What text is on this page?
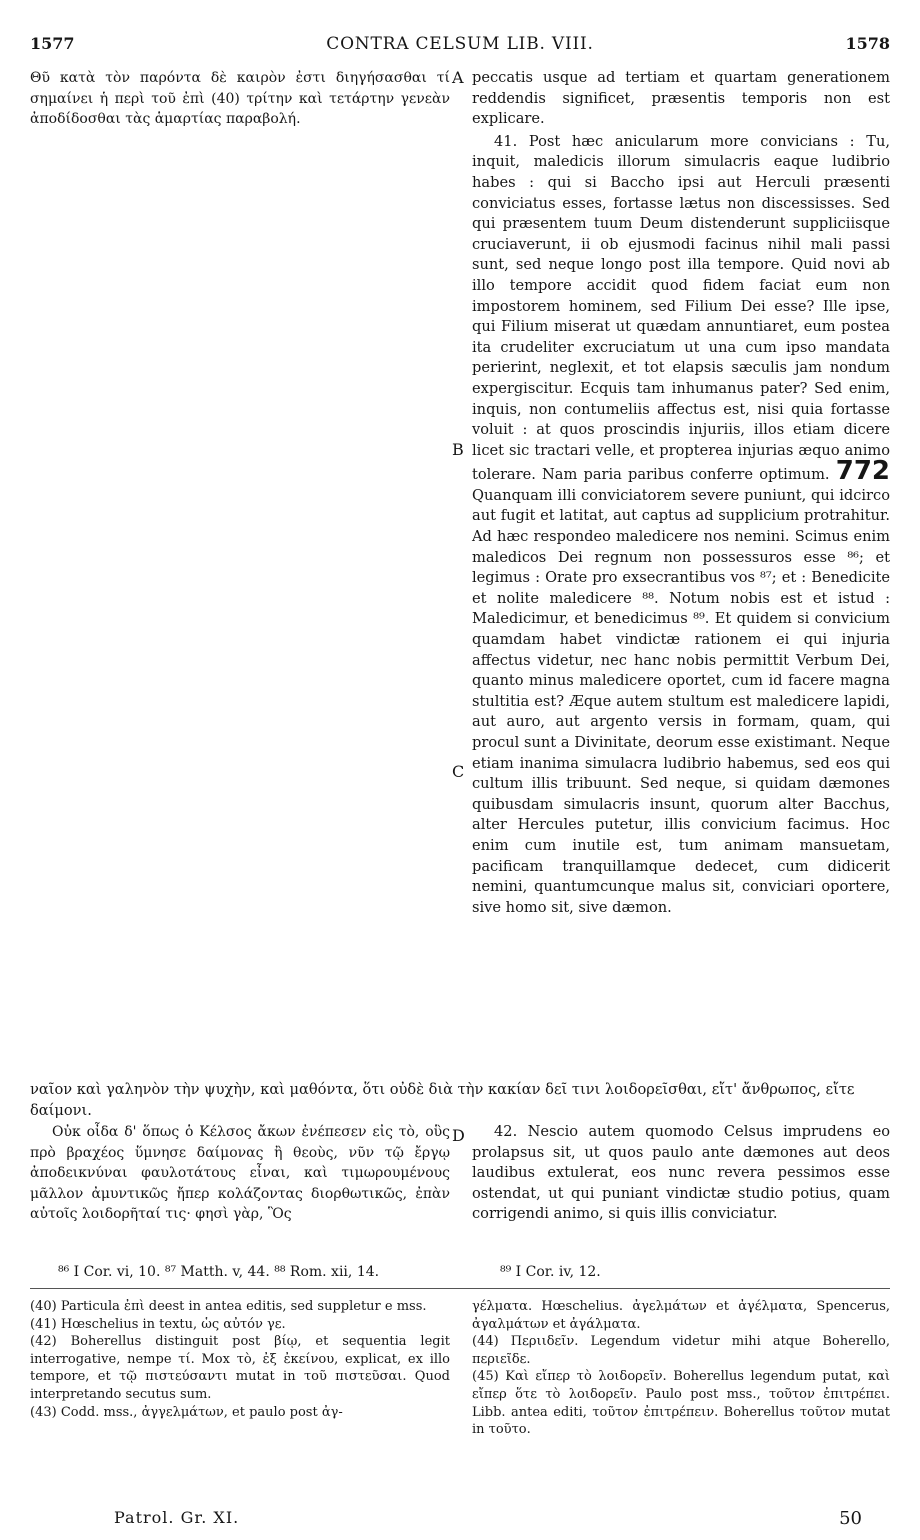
1577	CONTRA CELSUM LIB. VIII.	1578
A
B
C
D

Θῦ κατὰ τὸν παρόντα δὲ καιρὸν ἐστι διηγήσασθαι τί σημαίνει ἡ περὶ τοῦ ἐπὶ (40) τρίτην καὶ τετάρτην γενεὰν ἀποδίδοσθαι τὰς ἁμαρτίας παραβολή.

peccatis usque ad tertiam et quartam generationem reddendis significet, præsentis temporis non est explicare.

41. Post hæc anicularum more convicians : Tu, inquit, maledicis illorum simulacris eaque ludibrio habes : qui si Baccho ipsi aut Herculi præsenti conviciatus esses, fortasse lætus non discessisses. Sed qui præsentem tuum Deum distenderunt suppliciisque cruciaverunt, ii ob ejusmodi facinus nihil mali passi sunt, sed neque longo post illa tempore. Quid novi ab illo tempore accidit quod fidem faciat eum non impostorem hominem, sed Filium Dei esse? Ille ipse, qui Filium miserat ut quædam annuntiaret, eum postea ita crudeliter excruciatum ut una cum ipso mandata perierint, neglexit, et tot elapsis sæculis jam nondum expergiscitur. Ecquis tam inhumanus pater? Sed enim, inquis, non contumeliis affectus est, nisi quia fortasse voluit : at quos proscindis injuriis, illos etiam dicere licet sic tractari velle, et propterea injurias æquo animo tolerare. Nam paria paribus conferre optimum. 772 Quanquam illi conviciatorem severe puniunt, qui idcirco aut fugit et latitat, aut captus ad supplicium protrahitur. Ad hæc respondeo maledicere nos nemini. Scimus enim maledicos Dei regnum non possessuros esse ⁸⁶; et legimus : Orate pro exsecrantibus vos ⁸⁷; et : Benedicite et nolite maledicere ⁸⁸. Notum nobis est et istud : Maledicimur, et benedicimus ⁸⁹. Et quidem si convicium quamdam habet vindictæ rationem ei qui injuria affectus videtur, nec hanc nobis permittit Verbum Dei, quanto minus maledicere oportet, cum id facere magna stultitia est? Æque autem stultum est maledicere lapidi, aut auro, aut argento versis in formam, quam, qui procul sunt a Divinitate, deorum esse existimant. Neque etiam inanima simulacra ludibrio habemus, sed eos qui cultum illis tribuunt. Sed neque, si quidam dæmones quibusdam simulacris insunt, quorum alter Bacchus, alter Hercules putetur, illis convicium facimus. Hoc enim cum inutile est, tum animam mansuetam, pacificam tranquillamque dedecet, cum didicerit nemini, quantumcunque malus sit, conviciari oportere, sive homo sit, sive dæmon.

ναῖον καὶ γαληνὸν τὴν ψυχὴν, καὶ μαθόντα, ὅτι οὐδὲ διὰ τὴν κακίαν δεῖ τινι λοιδορεῖσθαι, εἴτ' ἄνθρωπος, εἴτε δαίμονι.
Οὐκ οἶδα δ' ὅπως ὁ Κέλσος ἄκων ἐνέπεσεν εἰς τὸ, οὓς πρὸ βραχέος ὕμνησε δαίμονας ἢ θεοὺς, νῦν τῷ ἔργῳ ἀποδεικνύναι φαυλοτάτους εἶναι, καὶ τιμωρουμένους μᾶλλον ἀμυντικῶς ἤπερ κολάζοντας διορθωτικῶς, ἐπὰν αὐτοῖς λοιδορῆταί τις· φησὶ γὰρ, Ὃς
42. Nescio autem quomodo Celsus imprudens eo prolapsus sit, ut quos paulo ante dæmones aut deos laudibus extulerat, eos nunc revera pessimos esse ostendat, ut qui puniant vindictæ studio potius, quam corrigendi animo, si quis illis conviciatur.
⁸⁶ I Cor. vi, 10. ⁸⁷ Matth. v, 44. ⁸⁸ Rom. xii, 14.	⁸⁹ I Cor. iv, 12.

(40) Particula ἐπὶ deest in antea editis, sed suppletur e mss.

(41) Hœschelius in textu, ὡς αὐτόν γε.

(42) Boherellus distinguit post βίῳ, et sequentia legit interrogative, nempe τί. Mox τὸ, ἐξ ἐκείνου, explicat, ex illo tempore, et τῷ πιστεύσαντι mutat in τοῦ πιστεῦσαι. Quod interpretando secutus sum.

(43) Codd. mss., ἀγγελμάτων, et paulo post ἀγ-

γέλματα. Hœschelius. ἀγελμάτων et ἀγέλματα, Spencerus, ἀγαλμάτων et ἀγάλματα.

(44) Περιιδεῖν. Legendum videtur mihi atque Boherello, περιεῖδε.

(45) Καὶ εἴπερ τὸ λοιδορεῖν. Boherellus legendum putat, καὶ εἴπερ ὅτε τὸ λοιδορεῖν. Paulo post mss., τοῦτον ἐπιτρέπει. Libb. antea editi, τοῦτον ἐπιτρέπειν. Boherellus τοῦτον mutat in τοῦτο.

Patrol. Gr. XI.	50
